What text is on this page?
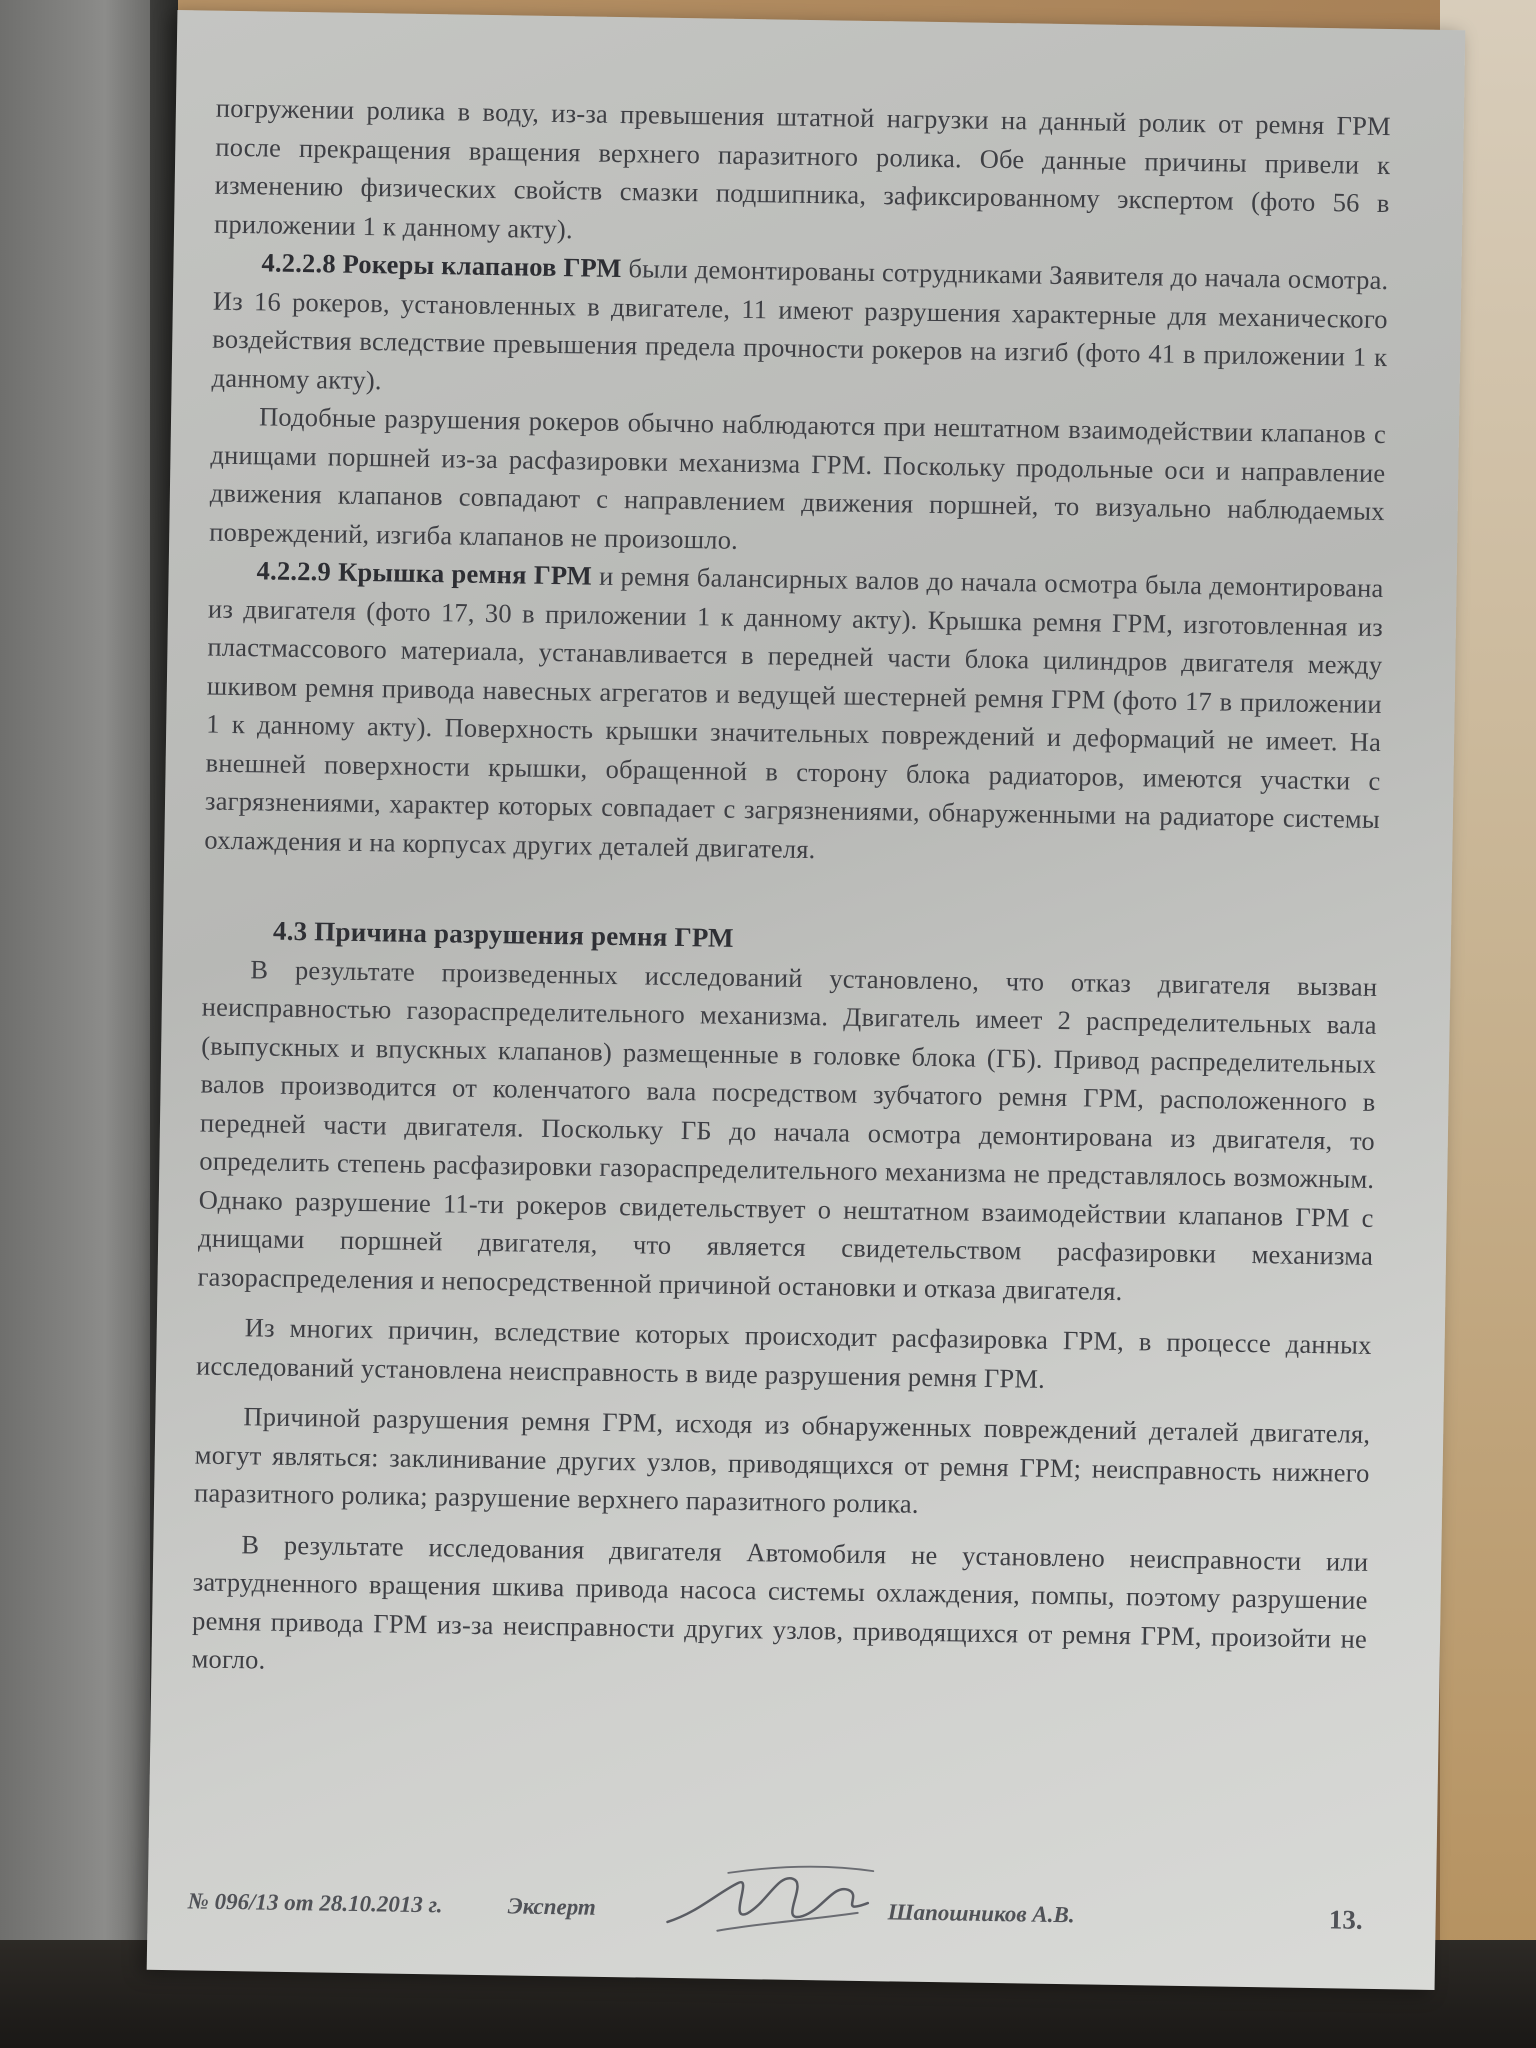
погружении ролика в воду, из-за превышения штатной нагрузки на данный ролик от ремня ГРМ после прекращения вращения верхнего паразитного ролика. Обе данные причины привели к изменению физических свойств смазки подшипника, зафиксированному экспертом (фото 56 в приложении 1 к данному акту).

4.2.2.8 Рокеры клапанов ГРМ были демонтированы сотрудниками Заявителя до начала осмотра. Из 16 рокеров, установленных в двигателе, 11 имеют разрушения характерные для механического воздействия вследствие превышения предела прочности рокеров на изгиб (фото 41 в приложении 1 к данному акту).

Подобные разрушения рокеров обычно наблюдаются при нештатном взаимодействии клапанов с днищами поршней из-за расфазировки механизма ГРМ. Поскольку продольные оси и направление движения клапанов совпадают с направлением движения поршней, то визуально наблюдаемых повреждений, изгиба клапанов не произошло.

4.2.2.9 Крышка ремня ГРМ и ремня балансирных валов до начала осмотра была демонтирована из двигателя (фото 17, 30 в приложении 1 к данному акту). Крышка ремня ГРМ, изготовленная из пластмассового материала, устанавливается в передней части блока цилиндров двигателя между шкивом ремня привода навесных агрегатов и ведущей шестерней ремня ГРМ (фото 17 в приложении 1 к данному акту). Поверхность крышки значительных повреждений и деформаций не имеет. На внешней поверхности крышки, обращенной в сторону блока радиаторов, имеются участки с загрязнениями, характер которых совпадает с загрязнениями, обнаруженными на радиаторе системы охлаждения и на корпусах других деталей двигателя.

4.3 Причина разрушения ремня ГРМ

В результате произведенных исследований установлено, что отказ двигателя вызван неисправностью газораспределительного механизма. Двигатель имеет 2 распределительных вала (выпускных и впускных клапанов) размещенные в головке блока (ГБ). Привод распределительных валов производится от коленчатого вала посредством зубчатого ремня ГРМ, расположенного в передней части двигателя. Поскольку ГБ до начала осмотра демонтирована из двигателя, то определить степень расфазировки газораспределительного механизма не представлялось возможным. Однако разрушение 11-ти рокеров свидетельствует о нештатном взаимодействии клапанов ГРМ с днищами поршней двигателя, что является свидетельством расфазировки механизма газораспределения и непосредственной причиной остановки и отказа двигателя.

Из многих причин, вследствие которых происходит расфазировка ГРМ, в процессе данных исследований установлена неисправность в виде разрушения ремня ГРМ.

Причиной разрушения ремня ГРМ, исходя из обнаруженных повреждений деталей двигателя, могут являться: заклинивание других узлов, приводящихся от ремня ГРМ; неисправность нижнего паразитного ролика; разрушение верхнего паразитного ролика.

В результате исследования двигателя Автомобиля не установлено неисправности или затрудненного вращения шкива привода насоса системы охлаждения, помпы, поэтому разрушение ремня привода ГРМ из-за неисправности других узлов, приводящихся от ремня ГРМ, произойти не могло.

№ 096/13 от 28.10.2013 г.	Эксперт	Шапошников А.В.	13.
